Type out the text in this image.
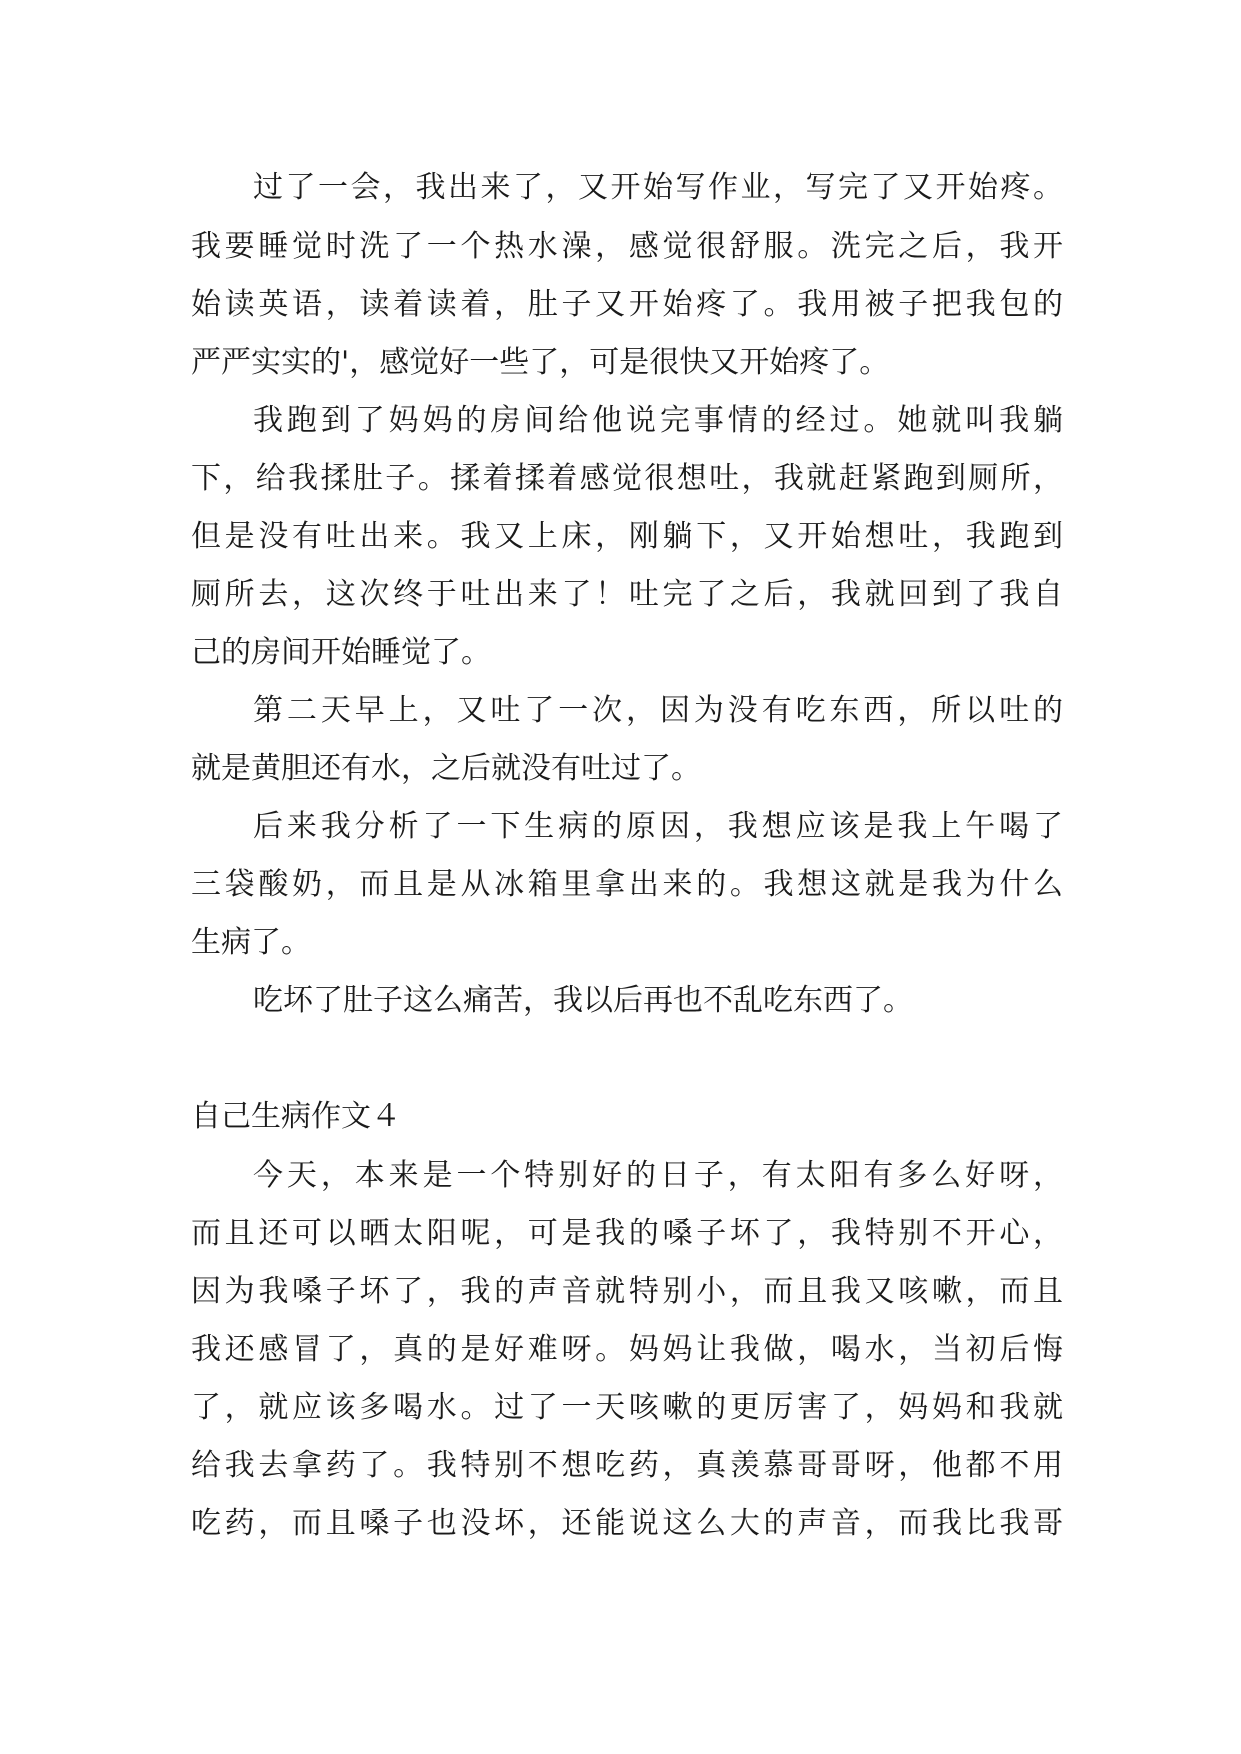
过了一会，我出来了，又开始写作业，写完了又开始疼。
我要睡觉时洗了一个热水澡，感觉很舒服。洗完之后，我开
始读英语，读着读着，肚子又开始疼了。我用被子把我包的
严严实实的'，感觉好一些了，可是很快又开始疼了。
我跑到了妈妈的房间给他说完事情的经过。她就叫我躺
下，给我揉肚子。揉着揉着感觉很想吐，我就赶紧跑到厕所，
但是没有吐出来。我又上床，刚躺下，又开始想吐，我跑到
厕所去，这次终于吐出来了！吐完了之后，我就回到了我自
己的房间开始睡觉了。
第二天早上，又吐了一次，因为没有吃东西，所以吐的
就是黄胆还有水，之后就没有吐过了。
后来我分析了一下生病的原因，我想应该是我上午喝了
三袋酸奶，而且是从冰箱里拿出来的。我想这就是我为什么
生病了。
吃坏了肚子这么痛苦，我以后再也不乱吃东西了。
自己生病作文４
今天，本来是一个特别好的日子，有太阳有多么好呀，
而且还可以晒太阳呢，可是我的嗓子坏了，我特别不开心，
因为我嗓子坏了，我的声音就特别小，而且我又咳嗽，而且
我还感冒了，真的是好难呀。妈妈让我做，喝水，当初后悔
了，就应该多喝水。过了一天咳嗽的更厉害了，妈妈和我就
给我去拿药了。我特别不想吃药，真羡慕哥哥呀，他都不用
吃药，而且嗓子也没坏，还能说这么大的声音，而我比我哥
